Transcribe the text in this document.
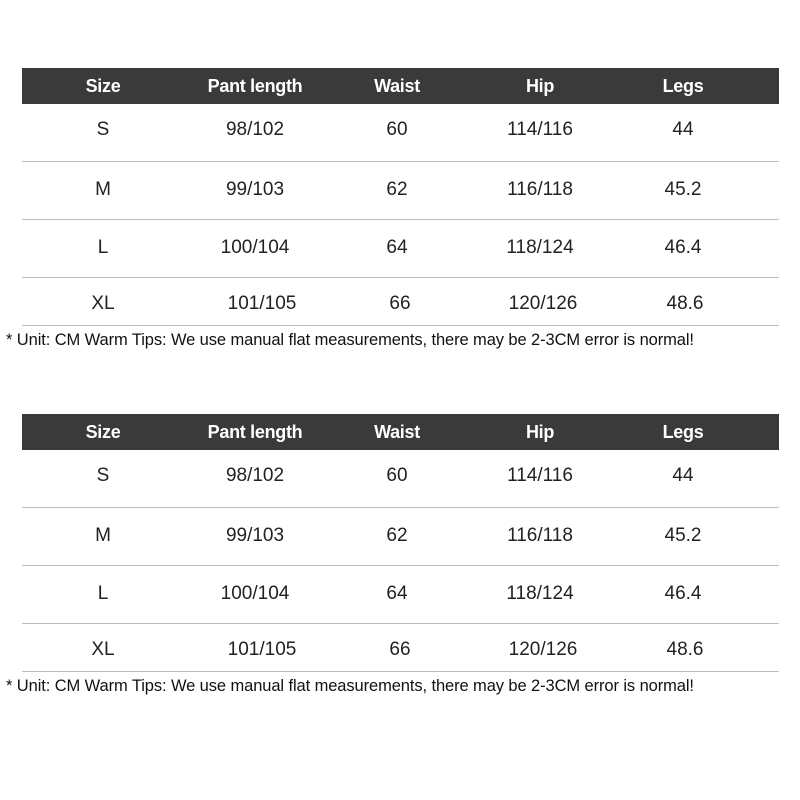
Size	Pant length	Waist	Hip	Legs
S	98/102	60	114/116	44
M	99/103	62	116/118	45.2
L	100/104	64	118/124	46.4
XL	101/105	66	120/126	48.6
* Unit: CM Warm Tips: We use manual flat measurements, there may be 2-3CM error is normal!
Size	Pant length	Waist	Hip	Legs
S	98/102	60	114/116	44
M	99/103	62	116/118	45.2
L	100/104	64	118/124	46.4
XL	101/105	66	120/126	48.6
* Unit: CM Warm Tips: We use manual flat measurements, there may be 2-3CM error is normal!
